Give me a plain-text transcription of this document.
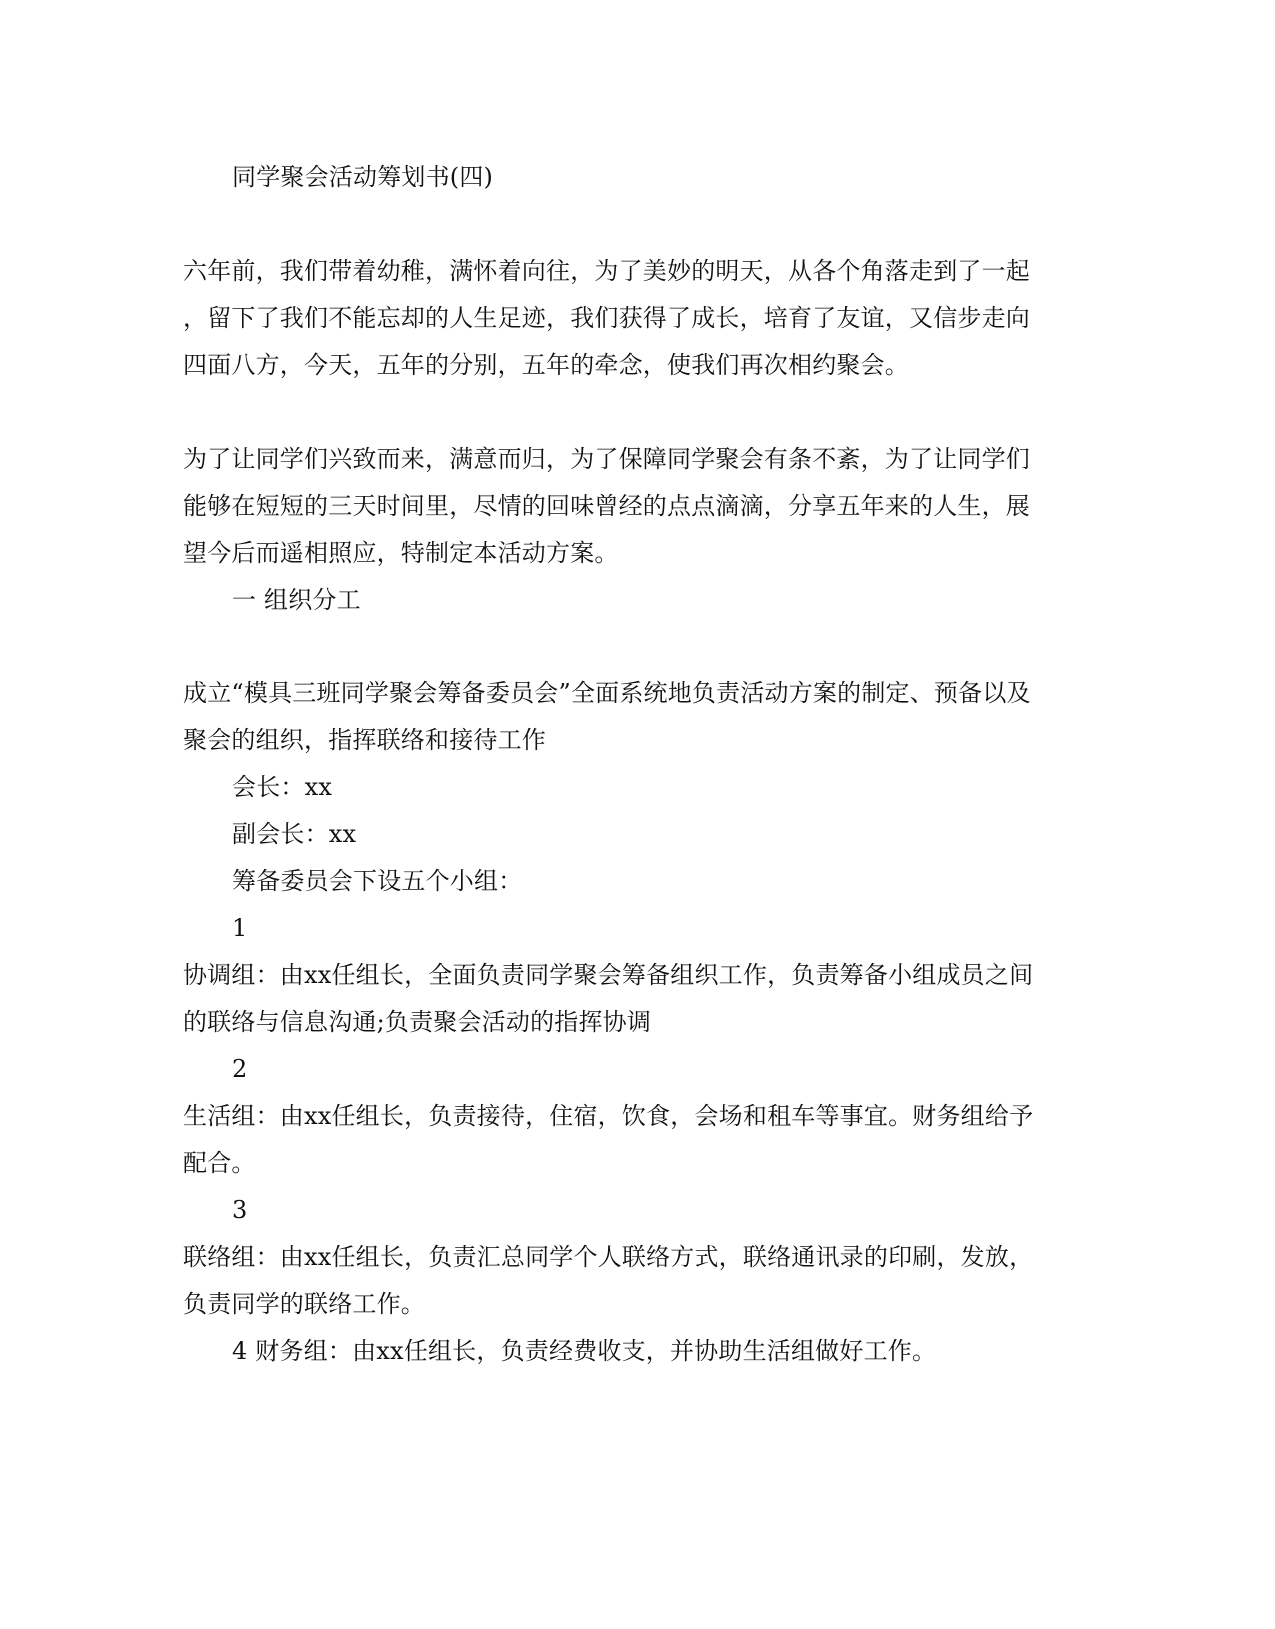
同学聚会活动筹划书(四)
六年前，我们带着幼稚，满怀着向往，为了美妙的明天，从各个角落走到了一起
，留下了我们不能忘却的人生足迹，我们获得了成长，培育了友谊，又信步走向
四面八方，今天，五年的分别，五年的牵念，使我们再次相约聚会。
为了让同学们兴致而来，满意而归，为了保障同学聚会有条不紊，为了让同学们
能够在短短的三天时间里，尽情的回味曾经的点点滴滴，分享五年来的人生，展
望今后而遥相照应，特制定本活动方案。
一 组织分工
成立“模具三班同学聚会筹备委员会”全面系统地负责活动方案的制定、预备以及
聚会的组织，指挥联络和接待工作
会长：xx
副会长：xx
筹备委员会下设五个小组：
1
协调组：由xx任组长，全面负责同学聚会筹备组织工作，负责筹备小组成员之间
的联络与信息沟通;负责聚会活动的指挥协调
2
生活组：由xx任组长，负责接待，住宿，饮食，会场和租车等事宜。财务组给予
配合。
3
联络组：由xx任组长，负责汇总同学个人联络方式，联络通讯录的印刷，发放，
负责同学的联络工作。
4 财务组：由xx任组长，负责经费收支，并协助生活组做好工作。
